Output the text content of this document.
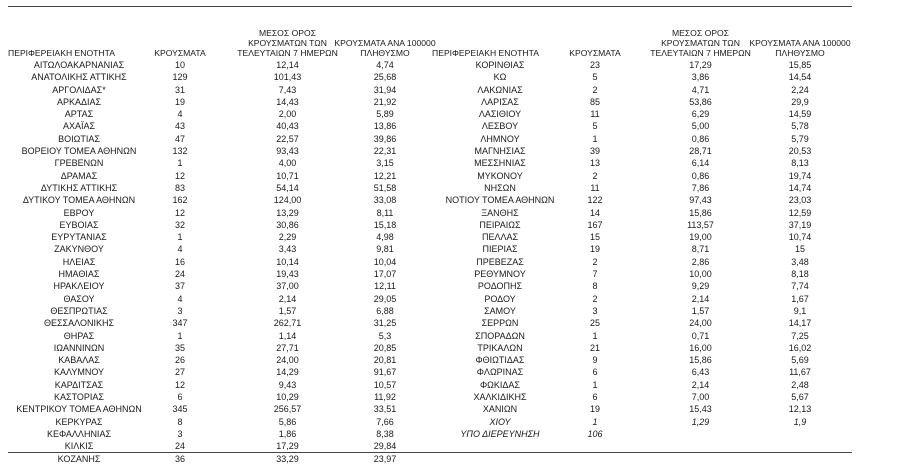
ΠΕΡΙΦΕΡΕΙΑΚΗ ΕΝΟΤΗΤΑ	ΚΡΟΥΣΜΑΤΑ
ΜΕΣΟΣ ΟΡΟΣ
ΚΡΟΥΣΜΑΤΩΝ ΤΩΝ
ΤΕΛΕΥΤΑΙΩΝ 7 ΗΜΕΡΩΝ
ΚΡΟΥΣΜΑΤΑ ΑΝΑ 100000
ΠΛΗΘΥΣΜΟ
ΑΙΤΩΛΟΑΚΑΡΝΑΝΙΑΣ	10	12,14	4,74
ΑΝΑΤΟΛΙΚΗΣ ΑΤΤΙΚΗΣ	129	101,43	25,68
ΑΡΓΟΛΙΔΑΣ*	31	7,43	31,94
ΑΡΚΑΔΙΑΣ	19	14,43	21,92
ΑΡΤΑΣ	4	2,00	5,89
ΑΧΑΪΑΣ	43	40,43	13,86
ΒΟΙΩΤΙΑΣ	47	22,57	39,86
ΒΟΡΕΙΟΥ ΤΟΜΕΑ ΑΘΗΝΩΝ	132	93,43	22,31
ΓΡΕΒΕΝΩΝ	1	4,00	3,15
ΔΡΑΜΑΣ	12	10,71	12,21
ΔΥΤΙΚΗΣ ΑΤΤΙΚΗΣ	83	54,14	51,58
ΔΥΤΙΚΟΥ ΤΟΜΕΑ ΑΘΗΝΩΝ	162	124,00	33,08
ΕΒΡΟΥ	12	13,29	8,11
ΕΥΒΟΙΑΣ	32	30,86	15,18
ΕΥΡΥΤΑΝΙΑΣ	1	2,29	4,98
ΖΑΚΥΝΘΟΥ	4	3,43	9,81
ΗΛΕΙΑΣ	16	10,14	10,04
ΗΜΑΘΙΑΣ	24	19,43	17,07
ΗΡΑΚΛΕΙΟΥ	37	37,00	12,11
ΘΑΣΟΥ	4	2,14	29,05
ΘΕΣΠΡΩΤΙΑΣ	3	1,57	6,88
ΘΕΣΣΑΛΟΝΙΚΗΣ	347	262,71	31,25
ΘΗΡΑΣ	1	1,14	5,3
ΙΩΑΝΝΙΝΩΝ	35	27,71	20,85
ΚΑΒΑΛΑΣ	26	24,00	20,81
ΚΑΛΥΜΝΟΥ	27	14,29	91,67
ΚΑΡΔΙΤΣΑΣ	12	9,43	10,57
ΚΑΣΤΟΡΙΑΣ	6	10,29	11,92
ΚΕΝΤΡΙΚΟΥ ΤΟΜΕΑ ΑΘΗΝΩΝ	345	256,57	33,51
ΚΕΡΚΥΡΑΣ	8	5,86	7,66
ΚΕΦΑΛΛΗΝΙΑΣ	3	1,86	8,38
ΚΙΛΚΙΣ	24	17,29	29,84
ΚΟΖΑΝΗΣ	36	33,29	23,97
ΠΕΡΙΦΕΡΕΙΑΚΗ ΕΝΟΤΗΤΑ	ΚΡΟΥΣΜΑΤΑ
ΜΕΣΟΣ ΟΡΟΣ
ΚΡΟΥΣΜΑΤΩΝ ΤΩΝ
ΤΕΛΕΥΤΑΙΩΝ 7 ΗΜΕΡΩΝ
ΚΡΟΥΣΜΑΤΑ ΑΝΑ 100000
ΠΛΗΘΥΣΜΟ
ΚΟΡΙΝΘΙΑΣ	23	17,29	15,85
ΚΩ	5	3,86	14,54
ΛΑΚΩΝΙΑΣ	2	4,71	2,24
ΛΑΡΙΣΑΣ	85	53,86	29,9
ΛΑΣΙΘΙΟΥ	11	6,29	14,59
ΛΕΣΒΟΥ	5	5,00	5,78
ΛΗΜΝΟΥ	1	0,86	5,79
ΜΑΓΝΗΣΙΑΣ	39	28,71	20,53
ΜΕΣΣΗΝΙΑΣ	13	6,14	8,13
ΜΥΚΟΝΟΥ	2	0,86	19,74
ΝΗΣΩΝ	11	7,86	14,74
ΝΟΤΙΟΥ ΤΟΜΕΑ ΑΘΗΝΩΝ	122	97,43	23,03
ΞΑΝΘΗΣ	14	15,86	12,59
ΠΕΙΡΑΙΩΣ	167	113,57	37,19
ΠΕΛΛΑΣ	15	19,00	10,74
ΠΙΕΡΙΑΣ	19	8,71	15
ΠΡΕΒΕΖΑΣ	2	2,86	3,48
ΡΕΘΥΜΝΟΥ	7	10,00	8,18
ΡΟΔΟΠΗΣ	8	9,29	7,74
ΡΟΔΟΥ	2	2,14	1,67
ΣΑΜΟΥ	3	1,57	9,1
ΣΕΡΡΩΝ	25	24,00	14,17
ΣΠΟΡΑΔΩΝ	1	0,71	7,25
ΤΡΙΚΑΛΩΝ	21	16,00	16,02
ΦΘΙΩΤΙΔΑΣ	9	15,86	5,69
ΦΛΩΡΙΝΑΣ	6	6,43	11,67
ΦΩΚΙΔΑΣ	1	2,14	2,48
ΧΑΛΚΙΔΙΚΗΣ	6	7,00	5,67
ΧΑΝΙΩΝ	19	15,43	12,13
ΧΙΟΥ	1	1,29	1,9
ΥΠΟ ΔΙΕΡΕΥΝΗΣΗ	106
